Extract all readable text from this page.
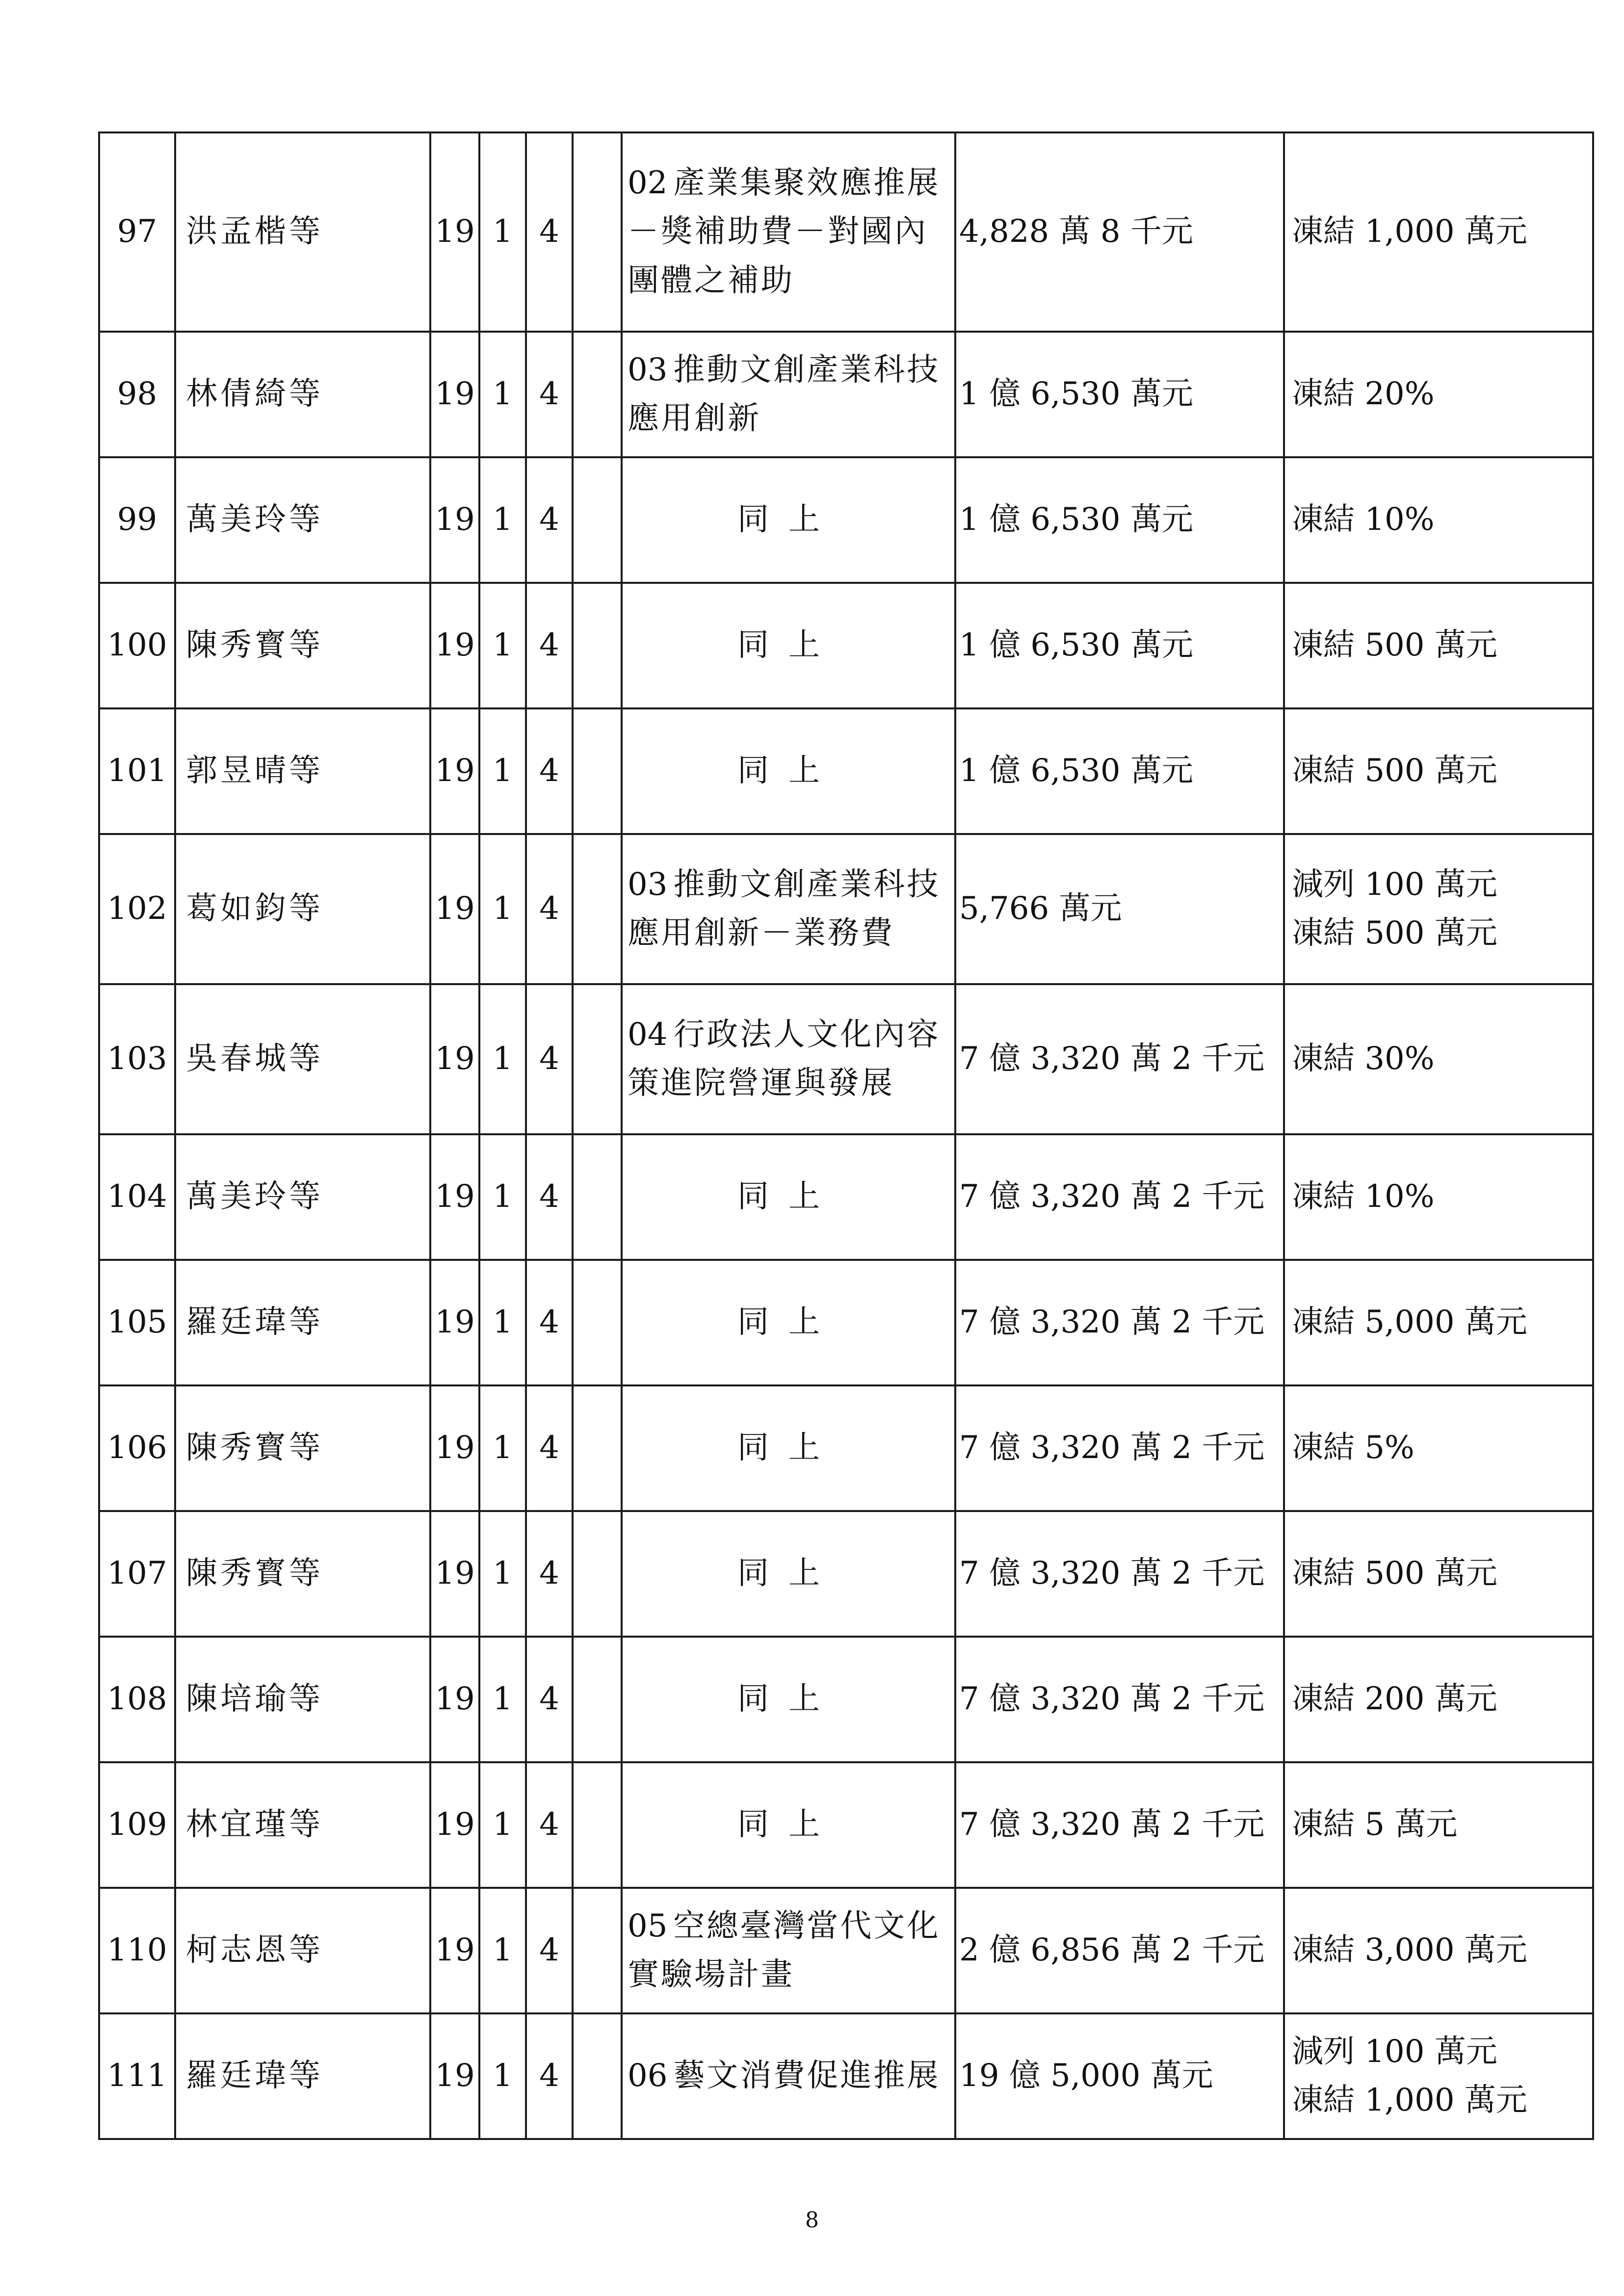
97	洪孟楷等	19	1	4		02 產業集聚效應推展－獎補助費－對國內團體之補助	4,828 萬 8 千元	凍結 1,000 萬元

98	林倩綺等	19	1	4		03 推動文創產業科技應用創新	1 億 6,530 萬元	凍結 20%

99	萬美玲等	19	1	4		同上	1 億 6,530 萬元	凍結 10%

100	陳秀寳等	19	1	4		同上	1 億 6,530 萬元	凍結 500 萬元

101	郭昱晴等	19	1	4		同上	1 億 6,530 萬元	凍結 500 萬元

102	葛如鈞等	19	1	4		03 推動文創產業科技應用創新－業務費	5,766 萬元	減列 100 萬元
凍結 500 萬元

103	吳春城等	19	1	4		04 行政法人文化內容策進院營運與發展	7 億 3,320 萬 2 千元	凍結 30%

104	萬美玲等	19	1	4		同上	7 億 3,320 萬 2 千元	凍結 10%

105	羅廷瑋等	19	1	4		同上	7 億 3,320 萬 2 千元	凍結 5,000 萬元

106	陳秀寳等	19	1	4		同上	7 億 3,320 萬 2 千元	凍結 5%

107	陳秀寳等	19	1	4		同上	7 億 3,320 萬 2 千元	凍結 500 萬元

108	陳培瑜等	19	1	4		同上	7 億 3,320 萬 2 千元	凍結 200 萬元

109	林宜瑾等	19	1	4		同上	7 億 3,320 萬 2 千元	凍結 5 萬元

110	柯志恩等	19	1	4		05 空總臺灣當代文化實驗場計畫	2 億 6,856 萬 2 千元	凍結 3,000 萬元

111	羅廷瑋等	19	1	4		06 藝文消費促進推展	19 億 5,000 萬元	減列 100 萬元
凍結 1,000 萬元
8
